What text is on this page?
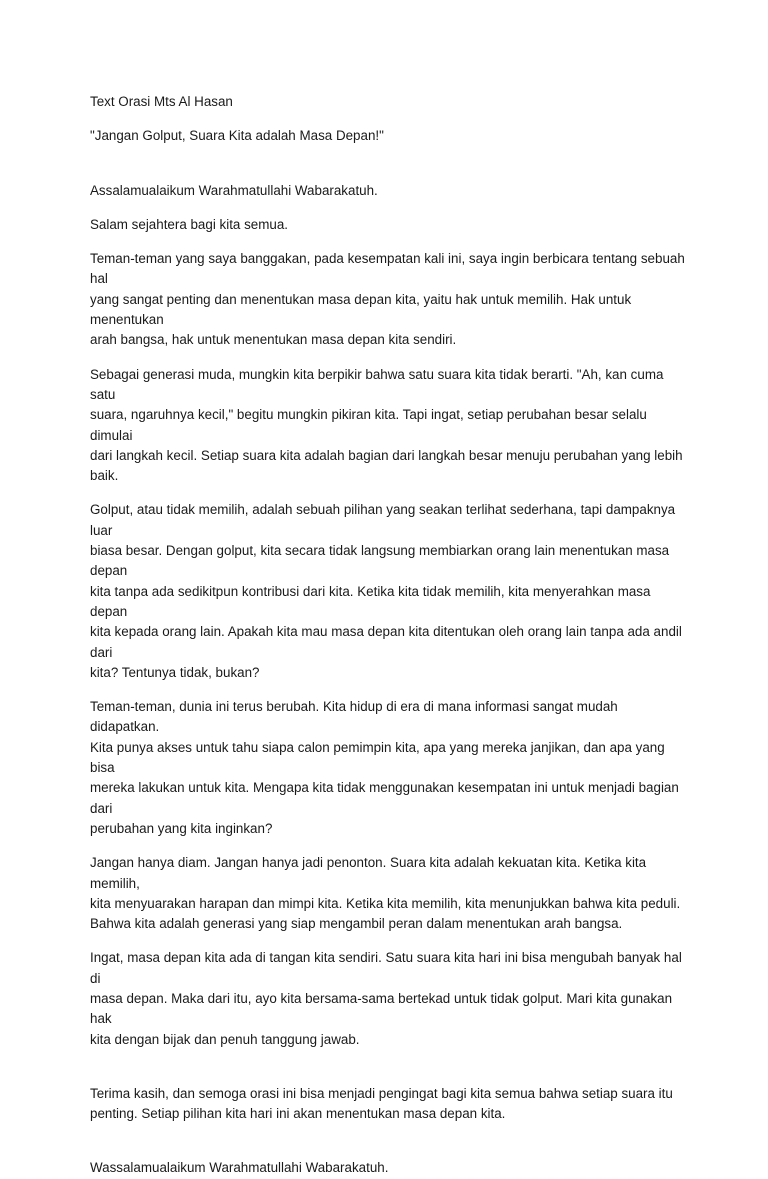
Text Orasi Mts Al Hasan

"Jangan Golput, Suara Kita adalah Masa Depan!"

Assalamualaikum Warahmatullahi Wabarakatuh.

Salam sejahtera bagi kita semua.

Teman-teman yang saya banggakan, pada kesempatan kali ini, saya ingin berbicara tentang sebuah hal
yang sangat penting dan menentukan masa depan kita, yaitu hak untuk memilih. Hak untuk menentukan
arah bangsa, hak untuk menentukan masa depan kita sendiri.

Sebagai generasi muda, mungkin kita berpikir bahwa satu suara kita tidak berarti. "Ah, kan cuma satu
suara, ngaruhnya kecil," begitu mungkin pikiran kita. Tapi ingat, setiap perubahan besar selalu dimulai
dari langkah kecil. Setiap suara kita adalah bagian dari langkah besar menuju perubahan yang lebih baik.

Golput, atau tidak memilih, adalah sebuah pilihan yang seakan terlihat sederhana, tapi dampaknya luar
biasa besar. Dengan golput, kita secara tidak langsung membiarkan orang lain menentukan masa depan
kita tanpa ada sedikitpun kontribusi dari kita. Ketika kita tidak memilih, kita menyerahkan masa depan
kita kepada orang lain. Apakah kita mau masa depan kita ditentukan oleh orang lain tanpa ada andil dari
kita? Tentunya tidak, bukan?

Teman-teman, dunia ini terus berubah. Kita hidup di era di mana informasi sangat mudah didapatkan.
Kita punya akses untuk tahu siapa calon pemimpin kita, apa yang mereka janjikan, dan apa yang bisa
mereka lakukan untuk kita. Mengapa kita tidak menggunakan kesempatan ini untuk menjadi bagian dari
perubahan yang kita inginkan?

Jangan hanya diam. Jangan hanya jadi penonton. Suara kita adalah kekuatan kita. Ketika kita memilih,
kita menyuarakan harapan dan mimpi kita. Ketika kita memilih, kita menunjukkan bahwa kita peduli.
Bahwa kita adalah generasi yang siap mengambil peran dalam menentukan arah bangsa.

Ingat, masa depan kita ada di tangan kita sendiri. Satu suara kita hari ini bisa mengubah banyak hal di
masa depan. Maka dari itu, ayo kita bersama-sama bertekad untuk tidak golput. Mari kita gunakan hak
kita dengan bijak dan penuh tanggung jawab.

Terima kasih, dan semoga orasi ini bisa menjadi pengingat bagi kita semua bahwa setiap suara itu
penting. Setiap pilihan kita hari ini akan menentukan masa depan kita.

Wassalamualaikum Warahmatullahi Wabarakatuh.
